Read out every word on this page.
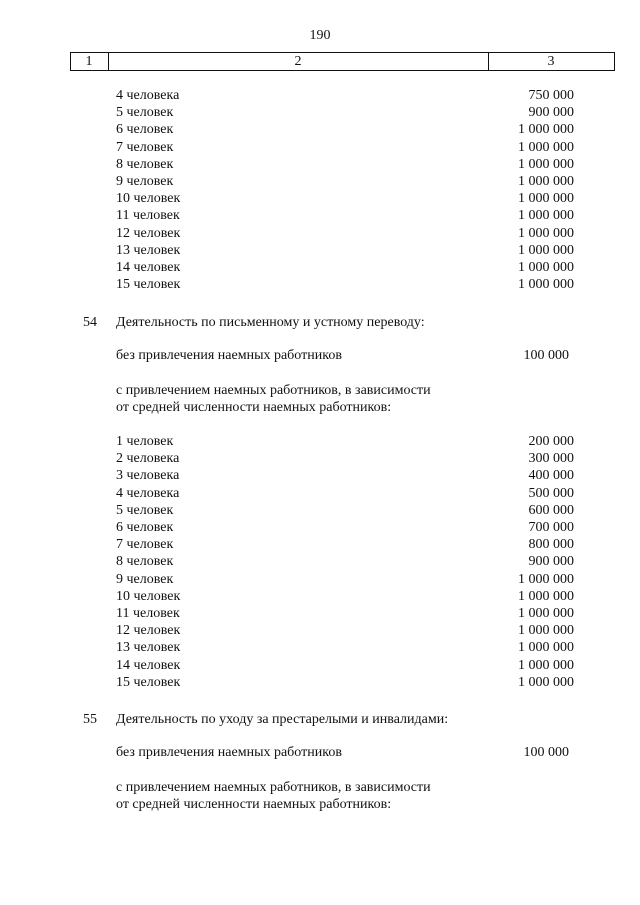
190
1	2	3
4 человека	750 000
5 человек	900 000
6 человек	1 000 000
7 человек	1 000 000
8 человек	1 000 000
9 человек	1 000 000
10 человек	1 000 000
11 человек	1 000 000
12 человек	1 000 000
13 человек	1 000 000
14 человек	1 000 000
15 человек	1 000 000
54 Деятельность по письменному и устному переводу:
без привлечения наемных работников	100 000
с привлечением наемных работников, в зависимости
от средней численности наемных работников:
1 человек	200 000
2 человека	300 000
3 человека	400 000
4 человека	500 000
5 человек	600 000
6 человек	700 000
7 человек	800 000
8 человек	900 000
9 человек	1 000 000
10 человек	1 000 000
11 человек	1 000 000
12 человек	1 000 000
13 человек	1 000 000
14 человек	1 000 000
15 человек	1 000 000
55 Деятельность по уходу за престарелыми и инвалидами:
без привлечения наемных работников	100 000
с привлечением наемных работников, в зависимости
от средней численности наемных работников:
